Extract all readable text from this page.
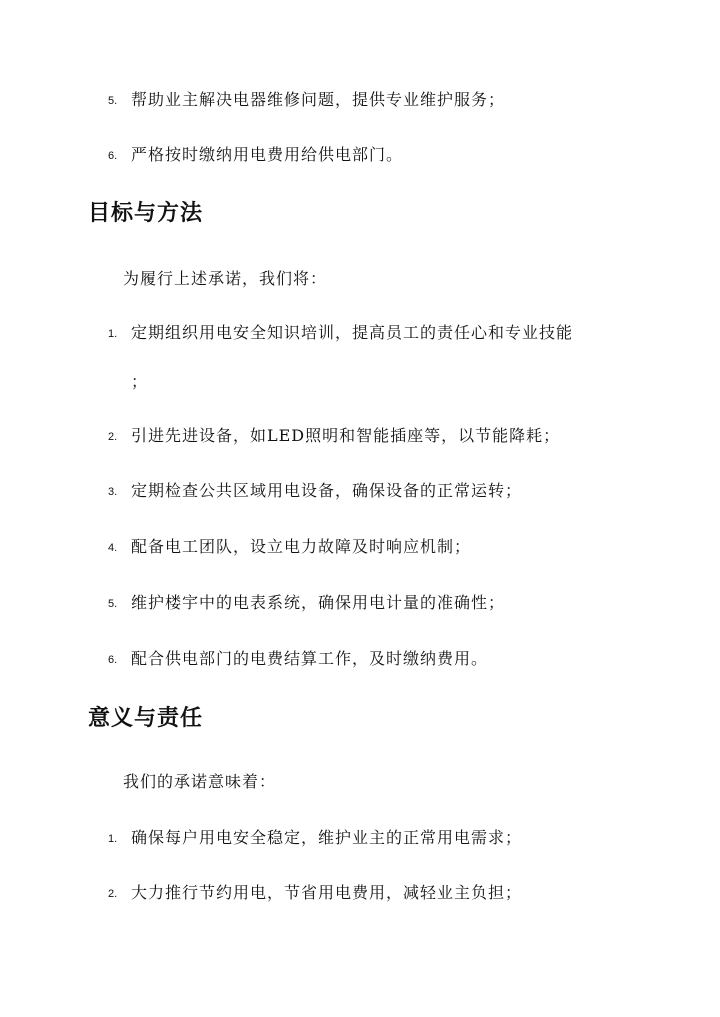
5. 帮助业主解决电器维修问题，提供专业维护服务；
6. 严格按时缴纳用电费用给供电部门。
目标与方法
为履行上述承诺，我们将：
1. 定期组织用电安全知识培训，提高员工的责任心和专业技能
；
2. 引进先进设备，如LED照明和智能插座等，以节能降耗；
3. 定期检查公共区域用电设备，确保设备的正常运转；
4. 配备电工团队，设立电力故障及时响应机制；
5. 维护楼宇中的电表系统，确保用电计量的准确性；
6. 配合供电部门的电费结算工作，及时缴纳费用。
意义与责任
我们的承诺意味着：
1. 确保每户用电安全稳定，维护业主的正常用电需求；
2. 大力推行节约用电，节省用电费用，减轻业主负担；
